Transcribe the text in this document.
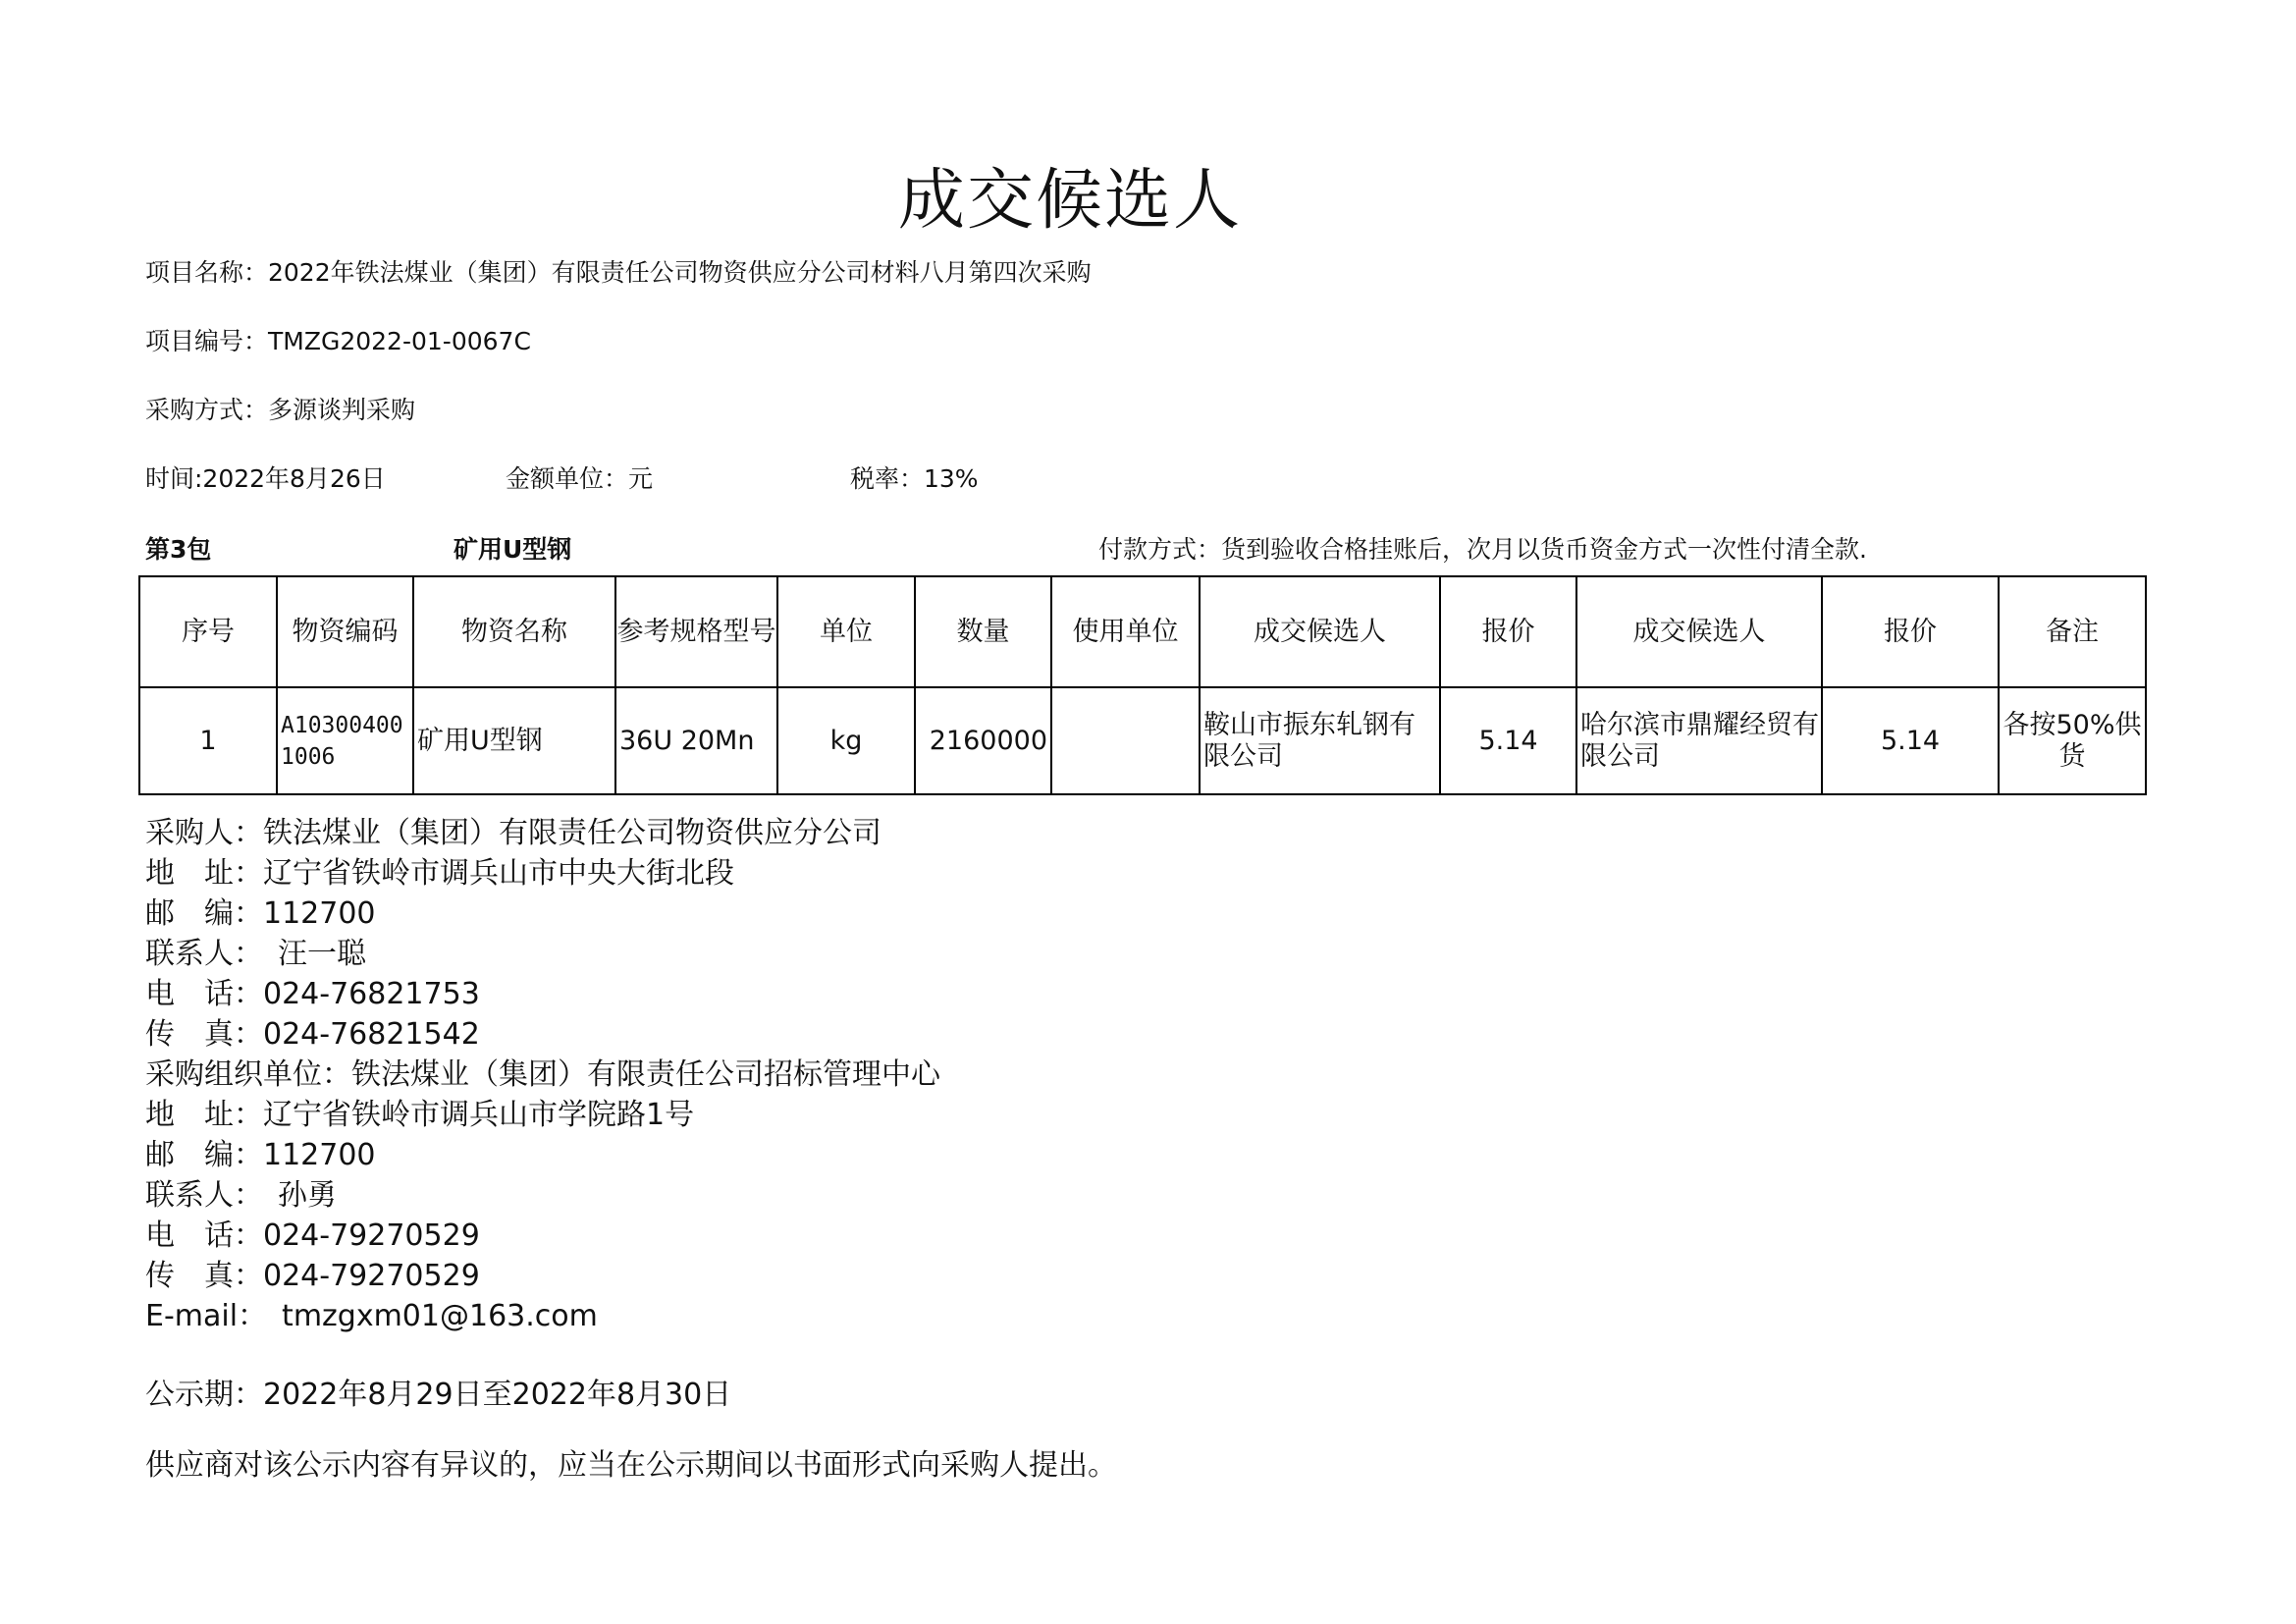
成交候选人
项目名称：2022年铁法煤业（集团）有限责任公司物资供应分公司材料八月第四次采购
项目编号：TMZG2022-01-0067C
采购方式：多源谈判采购
时间:2022年8月26日	金额单位：元	税率：13%
第3包	矿用U型钢	付款方式：货到验收合格挂账后，次月以货币资金方式一次性付清全款.
序号	物资编码	物资名称	参考规格型号	单位	数量	使用单位	成交候选人	报价	成交候选人	报价	备注
1	A103004001006	矿用U型钢	36U 20Mn	kg	2160000		鞍山市振东轧钢有限公司	5.14	哈尔滨市鼎耀经贸有限公司	5.14	各按50%供货
采购人：铁法煤业（集团）有限责任公司物资供应分公司
地　址：辽宁省铁岭市调兵山市中央大街北段
邮　编：112700
联系人：　汪一聪
电　话：024-76821753
传　真：024-76821542
采购组织单位：铁法煤业（集团）有限责任公司招标管理中心
地　址：辽宁省铁岭市调兵山市学院路1号
邮　编：112700
联系人：　孙勇
电　话：024-79270529
传　真：024-79270529
E-mail：　tmzgxm01@163.com
公示期：2022年8月29日至2022年8月30日
供应商对该公示内容有异议的，应当在公示期间以书面形式向采购人提出。
